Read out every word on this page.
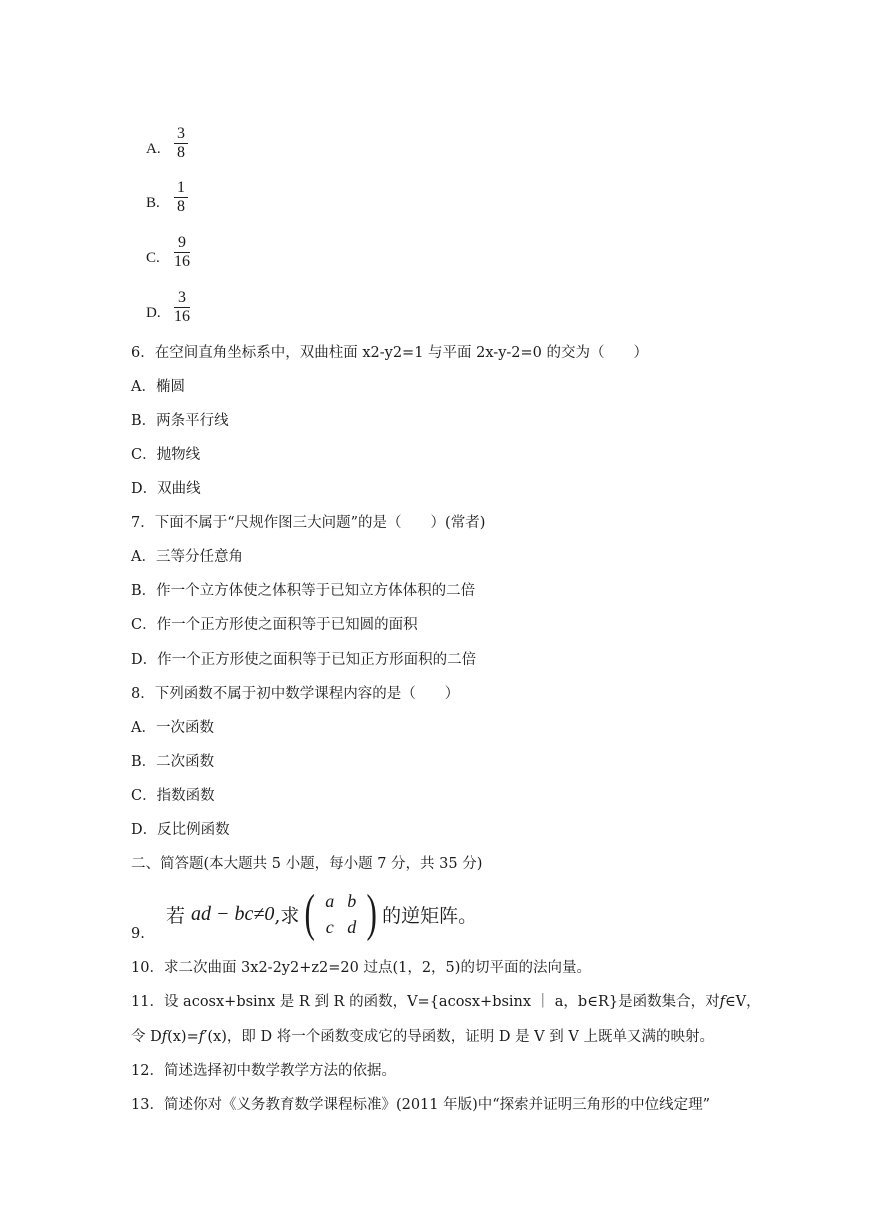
A.
3
8
B.
1
8
C.
9
16
D.
3
16
6．在空间直角坐标系中，双曲柱面 x2-y2=1 与平面 2x-y-2=0 的交为（　　）
A．椭圆
B．两条平行线
C．抛物线
D．双曲线
7．下面不属于“尺规作图三大问题”的是（　　）(常者)
A．三等分任意角
B．作一个立方体使之体积等于已知立方体体积的二倍
C．作一个正方形使之面积等于已知圆的面积
D．作一个正方形使之面积等于已知正方形面积的二倍
8．下列函数不属于初中数学课程内容的是（　　）
A．一次函数
B．二次函数
C．指数函数
D．反比例函数
二、简答题(本大题共 5 小题，每小题 7 分，共 35 分)
9.
若 ad − bc≠0 ,求 ( a b
c d ) 的逆矩阵。
10．求二次曲面 3x2-2y2+z2=20 过点(1，2，5)的切平面的法向量。
11．设 acosx+bsinx 是 R 到 R 的函数，V={acosx+bsinx ｜ a，b∈R}是函数集合，对𝑓∈V，
令 D𝑓(x)=𝑓′(x)，即 D 将一个函数变成它的导函数，证明 D 是 V 到 V 上既单又满的映射。
12．简述选择初中数学教学方法的依据。
13．简述你对《义务教育数学课程标准》(2011 年版)中“探索并证明三角形的中位线定理”
